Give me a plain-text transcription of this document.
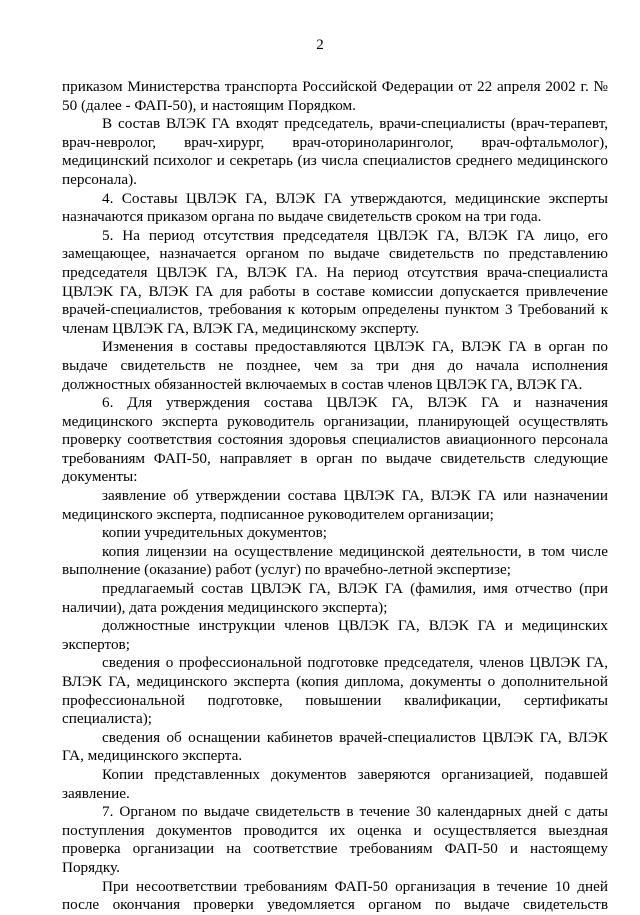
2

приказом Министерства транспорта Российской Федерации от 22 апреля 2002 г. № 50 (далее - ФАП-50), и настоящим Порядком.

В состав ВЛЭК ГА входят председатель, врачи-специалисты (врач-терапевт, врач-невролог, врач-хирург, врач-оториноларинголог, врач-офтальмолог), медицинский психолог и секретарь (из числа специалистов среднего медицинского персонала).

4. Составы ЦВЛЭК ГА, ВЛЭК ГА утверждаются, медицинские эксперты назначаются приказом органа по выдаче свидетельств сроком на три года.

5. На период отсутствия председателя ЦВЛЭК ГА, ВЛЭК ГА лицо, его замещающее, назначается органом по выдаче свидетельств по представлению председателя ЦВЛЭК ГА, ВЛЭК ГА. На период отсутствия врача-специалиста ЦВЛЭК ГА, ВЛЭК ГА для работы в составе комиссии допускается привлечение врачей-специалистов, требования к которым определены пунктом 3 Требований к членам ЦВЛЭК ГА, ВЛЭК ГА, медицинскому эксперту.

Изменения в составы предоставляются ЦВЛЭК ГА, ВЛЭК ГА в орган по выдаче свидетельств не позднее, чем за три дня до начала исполнения должностных обязанностей включаемых в состав членов ЦВЛЭК ГА, ВЛЭК ГА.

6. Для утверждения состава ЦВЛЭК ГА, ВЛЭК ГА и назначения медицинского эксперта руководитель организации, планирующей осуществлять проверку соответствия состояния здоровья специалистов авиационного персонала требованиям ФАП-50, направляет в орган по выдаче свидетельств следующие документы:

заявление об утверждении состава ЦВЛЭК ГА, ВЛЭК ГА или назначении медицинского эксперта, подписанное руководителем организации;

копии учредительных документов;

копия лицензии на осуществление медицинской деятельности, в том числе выполнение (оказание) работ (услуг) по врачебно-летной экспертизе;

предлагаемый состав ЦВЛЭК ГА, ВЛЭК ГА (фамилия, имя отчество (при наличии), дата рождения медицинского эксперта);

должностные инструкции членов ЦВЛЭК ГА, ВЛЭК ГА и медицинских экспертов;

сведения о профессиональной подготовке председателя, членов ЦВЛЭК ГА, ВЛЭК ГА, медицинского эксперта (копия диплома, документы о дополнительной профессиональной подготовке, повышении квалификации, сертификаты специалиста);

сведения об оснащении кабинетов врачей-специалистов ЦВЛЭК ГА, ВЛЭК ГА, медицинского эксперта.

Копии представленных документов заверяются организацией, подавшей заявление.

7. Органом по выдаче свидетельств в течение 30 календарных дней с даты поступления документов проводится их оценка и осуществляется выездная проверка организации на соответствие требованиям ФАП-50 и настоящему Порядку.

При несоответствии требованиям ФАП-50 организация в течение 10 дней после окончания проверки уведомляется органом по выдаче свидетельств
